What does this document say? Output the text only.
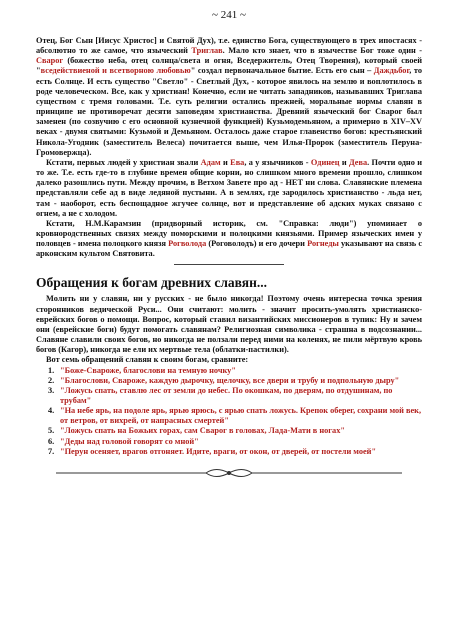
~ 241 ~

Отец, Бог Сын [Иисус Христос] и Святой Дух), т.е. единство Бога, существующего в трех ипостасях - абсолютно то же самое, что языческий Триглав. Мало кто знает, что в язычестве Бог тоже один - Сварог (божество неба, отец солнца/света и огня, Вседержитель, Отец Творения), который своей "вседействиеной и всетворною любовью" создал первоначальное бытие. Есть его сын – Даждьбог, то есть Солнце. И есть существо "Светло" - Светлый Дух, - которое явилось на землю и воплотилось в роде человеческом. Все, как у христиан! Конечно, если не читать западников, называвших Триглава существом с тремя головами. Т.е. суть религии остались прежней, моральные нормы славян в принципе не противоречат десяти заповедям христианства. Древний языческий бог Сварог был заменен (по созвучию с его основной кузнечной функцией) Кузьмодемьяном, а примерно в XIV–XV веках - двумя святыми: Кузьмой и Демьяном. Осталось даже старое главенство богов: крестьянский Никола-Угодник (заместитель Велеса) почитается выше, чем Илья-Пророк (заместитель Перуна-Громовержца).

Кстати, первых людей у христиан звали Адам и Ева, а у язычников - Одинец и Дева. Почти одно и то же. Т.е. есть где-то в глубине времен общие корни, но слишком много времени прошло, слишком далеко разошлись пути. Между прочим, в Ветхом Завете про ад - НЕТ ни слова. Славянские племена представляли себе ад в виде ледяной пустыни. А в землях, где зародилось христианство - льда нет, там - наоборот, есть беспощадное жгучее солнце, вот и представление об адских муках связано с огнем, а не с холодом.

Кстати, Н.М.Карамзин (придворный историк, см. "Справка: люди") упоминает о кровнородственных связях между поморскими и полоцкими князьями. Пример языческих имен у половцев - имена полоцкого князя Рогволода (Роговолодъ) и его дочери Рогнеды указывают на связь с арконским культом Святовита.

Обращения к богам древних славян...

Молить ни у славян, ни у русских - не было никогда! Поэтому очень интересна точка зрения сторонников ведической Руси... Они считают: молить - значит просить-умолять христианско-еврейских богов о помощи. Вопрос, который ставил византийских миссионеров в тупик: Ну и зачем они (еврейские боги) будут помогать славянам? Религиозная символика - страшна в подсознании... Славяне славили своих богов, но никогда не ползали перед ними на коленях, не пили мёртвую кровь богов (Кагор), никогда не ели их мертвые тела (облатки-пастилки).

Вот семь обращений славян к своим богам, сравните:

1. "Боже-Свароже, благослови на темную ночку"
2. "Благослови, Свароже, каждую дырочку, щелочку, все двери и трубу и подпольную дыру"
3. "Ложусь спать, ставлю лес от земли до небес. По окошкам, по дверям, по отдушинам, по трубам"
4. "На небе ярь, на подоле ярь, ярью ярюсь, с ярью спать ложусь. Крепок оберег, сохрани мой век, от ветров, от вихрей, от напрасных смертей"
5. "Ложусь спать на Божьих горах, сам Сварог в головах, Лада-Мати в ногах"
6. "Деды над головой говорят со мной"
7. "Перун осеняет, врагов отгоняет. Идите, враги, от окон, от дверей, от постели моей"
